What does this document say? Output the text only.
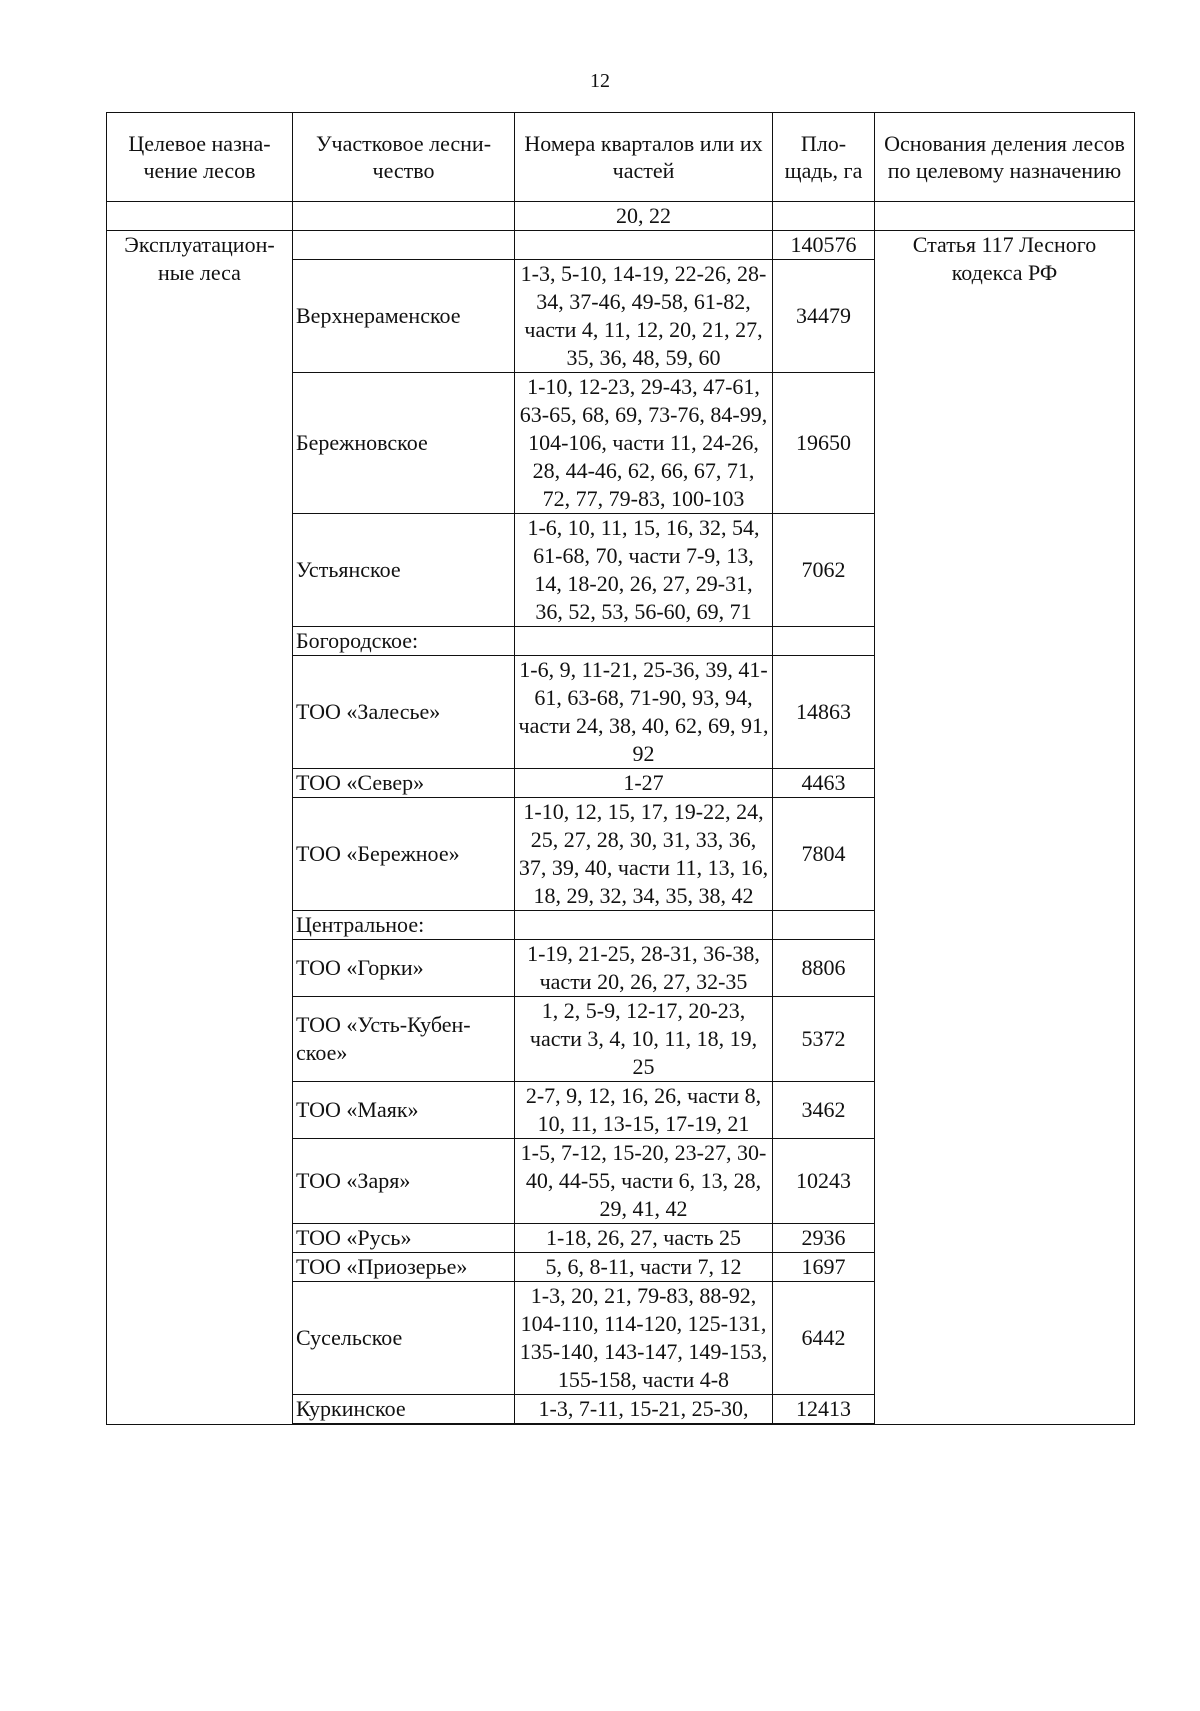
12
Целевое назна-чение лесов	Участковое лесни-чество	Номера кварталов или их частей	Пло-щадь, га	Основания деления лесов по целевому назначению
		20, 22		
Эксплуатацион-ные леса			140576	Статья 117 Лесного кодекса РФ
	Верхнераменское	1-3, 5-10, 14-19, 22-26, 28-34, 37-46, 49-58, 61-82, части 4, 11, 12, 20, 21, 27, 35, 36, 48, 59, 60	34479	
	Бережновское	1-10, 12-23, 29-43, 47-61, 63-65, 68, 69, 73-76, 84-99, 104-106, части 11, 24-26, 28, 44-46, 62, 66, 67, 71, 72, 77, 79-83, 100-103	19650	
	Устьянское	1-6, 10, 11, 15, 16, 32, 54, 61-68, 70, части 7-9, 13, 14, 18-20, 26, 27, 29-31, 36, 52, 53, 56-60, 69, 71	7062	
	Богородское:			
	ТОО «Залесье»	1-6, 9, 11-21, 25-36, 39, 41-61, 63-68, 71-90, 93, 94, части 24, 38, 40, 62, 69, 91, 92	14863	
	ТОО «Север»	1-27	4463	
	ТОО «Бережное»	1-10, 12, 15, 17, 19-22, 24, 25, 27, 28, 30, 31, 33, 36, 37, 39, 40, части 11, 13, 16, 18, 29, 32, 34, 35, 38, 42	7804	
	Центральное:			
	ТОО «Горки»	1-19, 21-25, 28-31, 36-38, части 20, 26, 27, 32-35	8806	
	ТОО «Усть-Кубен-ское»	1, 2, 5-9, 12-17, 20-23, части 3, 4, 10, 11, 18, 19, 25	5372	
	ТОО «Маяк»	2-7, 9, 12, 16, 26, части 8, 10, 11, 13-15, 17-19, 21	3462	
	ТОО «Заря»	1-5, 7-12, 15-20, 23-27, 30-40, 44-55, части 6, 13, 28, 29, 41, 42	10243	
	ТОО «Русь»	1-18, 26, 27, часть 25	2936	
	ТОО «Приозерье»	5, 6, 8-11, части 7, 12	1697	
	Сусельское	1-3, 20, 21, 79-83, 88-92, 104-110, 114-120, 125-131, 135-140, 143-147, 149-153, 155-158, части 4-8	6442	
	Куркинское	1-3, 7-11, 15-21, 25-30,	12413	
